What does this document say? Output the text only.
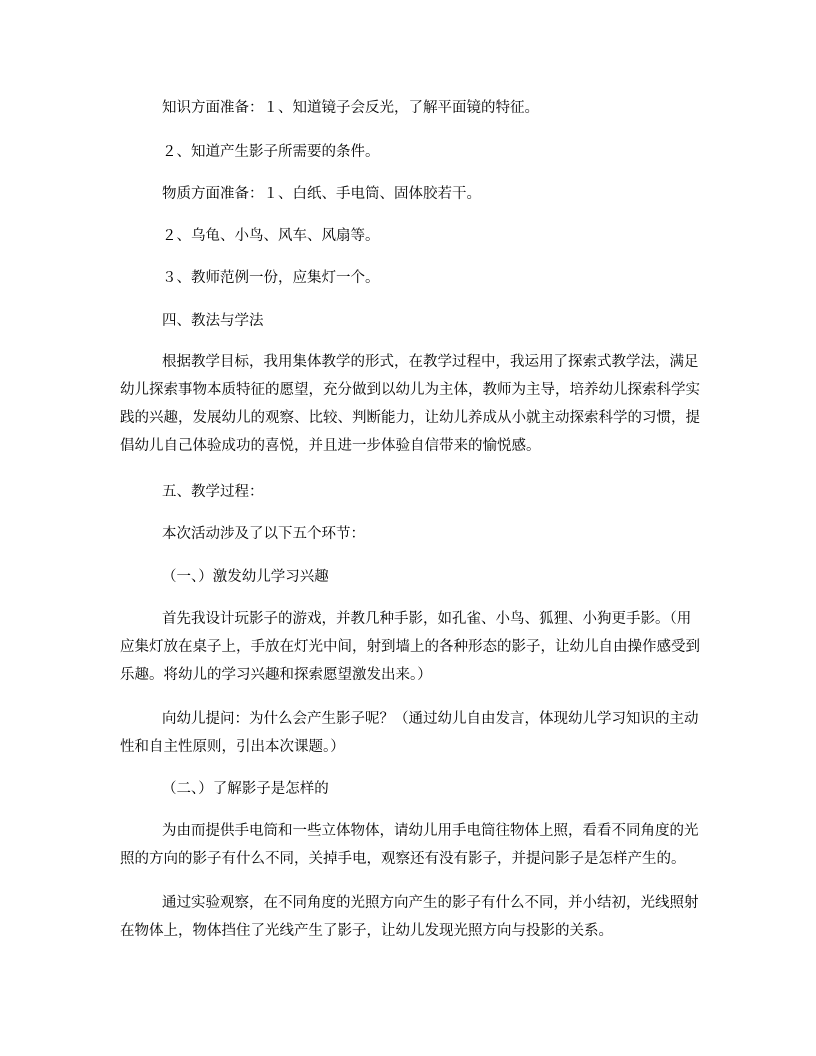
知识方面准备：１、知道镜子会反光，了解平面镜的特征。

２、知道产生影子所需要的条件。

物质方面准备：１、白纸、手电筒、固体胶若干。

２、乌龟、小鸟、风车、风扇等。

３、教师范例一份，应集灯一个。

四、教法与学法

根据教学目标，我用集体教学的形式，在教学过程中，我运用了探索式教学法，满足幼儿探索事物本质特征的愿望，充分做到以幼儿为主体，教师为主导，培养幼儿探索科学实践的兴趣，发展幼儿的观察、比较、判断能力，让幼儿养成从小就主动探索科学的习惯，提倡幼儿自己体验成功的喜悦，并且进一步体验自信带来的愉悦感。

五、教学过程：

本次活动涉及了以下五个环节：

（一、）激发幼儿学习兴趣

首先我设计玩影子的游戏，并教几种手影，如孔雀、小鸟、狐狸、小狗更手影。（用应集灯放在桌子上，手放在灯光中间，射到墙上的各种形态的影子，让幼儿自由操作感受到乐趣。将幼儿的学习兴趣和探索愿望激发出来。）

向幼儿提问：为什么会产生影子呢？（通过幼儿自由发言，体现幼儿学习知识的主动性和自主性原则，引出本次课题。）

（二、）了解影子是怎样的

为由而提供手电筒和一些立体物体，请幼儿用手电筒往物体上照，看看不同角度的光照的方向的影子有什么不同，关掉手电，观察还有没有影子，并提问影子是怎样产生的。

通过实验观察，在不同角度的光照方向产生的影子有什么不同，并小结初，光线照射在物体上，物体挡住了光线产生了影子，让幼儿发现光照方向与投影的关系。
